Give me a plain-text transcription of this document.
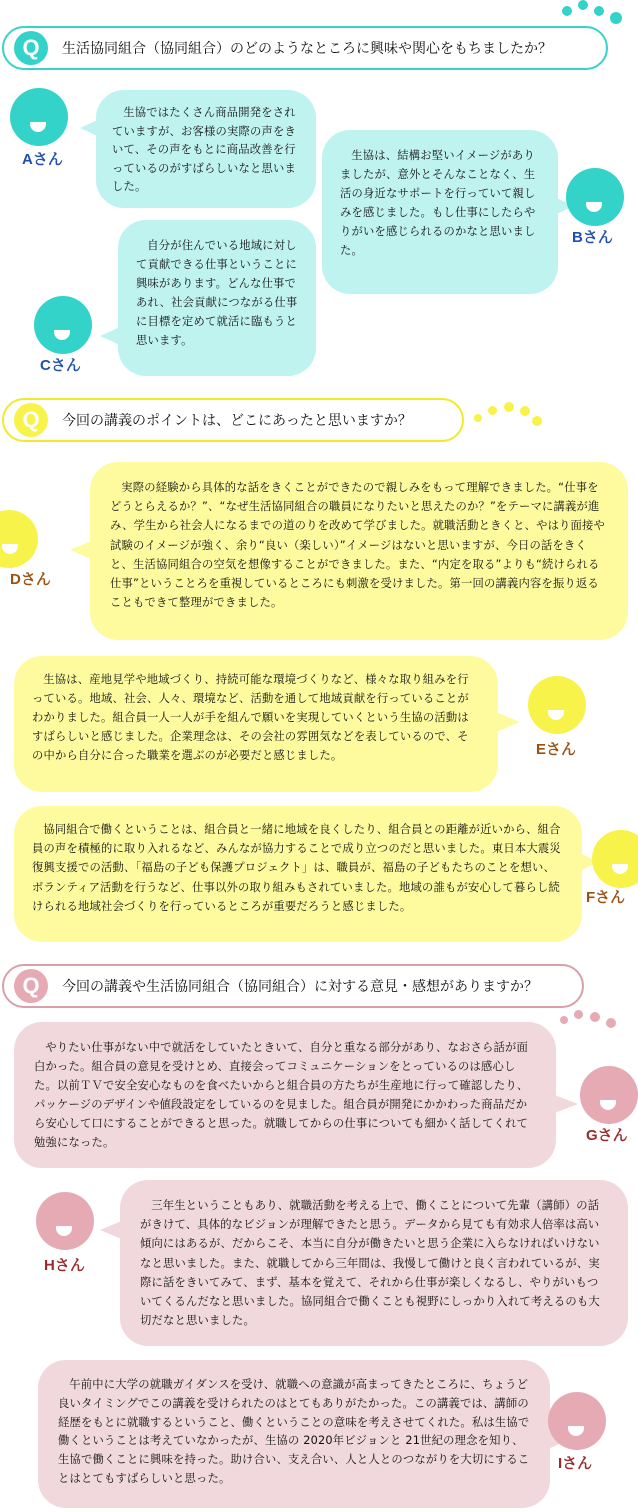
Q	生活協同組合（協同組合）のどのようなところに興味や関心をもちましたか？
Aさん
生協ではたくさん商品開発をされていますが、お客様の実際の声をきいて、その声をもとに商品改善を行っているのがすばらしいなと思いました。
生協は、結構お堅いイメージがありましたが、意外とそんなことなく、生活の身近なサポートを行っていて親しみを感じました。もし仕事にしたらやりがいを感じられるのかなと思いました。
Bさん
Cさん
自分が住んでいる地域に対して貢献できる仕事ということに興味があります。どんな仕事であれ、社会貢献につながる仕事に目標を定めて就活に臨もうと思います。
Q	今回の講義のポイントは、どこにあったと思いますか？
Dさん
実際の経験から具体的な話をきくことができたので親しみをもって理解できました。“仕事をどうとらえるか？”、“なぜ生活協同組合の職員になりたいと思えたのか？”をテーマに講義が進み、学生から社会人になるまでの道のりを改めて学びました。就職活動ときくと、やはり面接や試験のイメージが強く、余り“良い（楽しい）”イメージはないと思いますが、今日の話をきくと、生活協同組合の空気を想像することができました。また、“内定を取る”よりも“続けられる仕事”ということろを重視しているところにも刺激を受けました。第一回の講義内容を振り返ることもできて整理ができました。
生協は、産地見学や地域づくり、持続可能な環境づくりなど、様々な取り組みを行っている。地域、社会、人々、環境など、活動を通して地域貢献を行っていることがわかりました。組合員一人一人が手を組んで願いを実現していくという生協の活動はすばらしいと感じました。企業理念は、その会社の雰囲気などを表しているので、その中から自分に合った職業を選ぶのが必要だと感じました。	Eさん
協同組合で働くということは、組合員と一緒に地域を良くしたり、組合員との距離が近いから、組合員の声を積極的に取り入れるなど、みんなが協力することで成り立つのだと思いました。東日本大震災復興支援での活動、「福島の子ども保護プロジェクト」は、職員が、福島の子どもたちのことを想い、ボランティア活動を行うなど、仕事以外の取り組みもされていました。地域の誰もが安心して暮らし続けられる地域社会づくりを行っているところが重要だろうと感じました。
Fさん
Q	今回の講義や生活協同組合（協同組合）に対する意見・感想がありますか？
やりたい仕事がない中で就活をしていたときいて、自分と重なる部分があり、なおさら話が面白かった。組合員の意見を受けとめ、直接会ってコミュニケーションをとっているのは感心した。以前ＴＶで安全安心なものを食べたいからと組合員の方たちが生産地に行って確認したり、パッケージのデザインや値段設定をしているのを見ました。組合員が開発にかかわった商品だから安心して口にすることができると思った。就職してからの仕事についても細かく話してくれて勉強になった。	Gさん
Hさん
三年生ということもあり、就職活動を考える上で、働くことについて先輩（講師）の話がきけて、具体的なビジョンが理解できたと思う。データから見ても有効求人倍率は高い傾向にはあるが、だからこそ、本当に自分が働きたいと思う企業に入らなければいけないなと思いました。また、就職してから三年間は、我慢して働けと良く言われているが、実際に話をきいてみて、まず、基本を覚えて、それから仕事が楽しくなるし、やりがいもついてくるんだなと思いました。協同組合で働くことも視野にしっかり入れて考えるのも大切だなと思いました。
午前中に大学の就職ガイダンスを受け、就職への意識が高まってきたところに、ちょうど良いタイミングでこの講義を受けられたのはとてもありがたかった。この講義では、講師の経歴をもとに就職するということ、働くということの意味を考えさせてくれた。私は生協で働くということは考えていなかったが、生協の 2020年ビジョンと 21世紀の理念を知り、生協で働くことに興味を持った。助け合い、支え合い、人と人とのつながりを大切にすることはとてもすばらしいと思った。
Iさん
